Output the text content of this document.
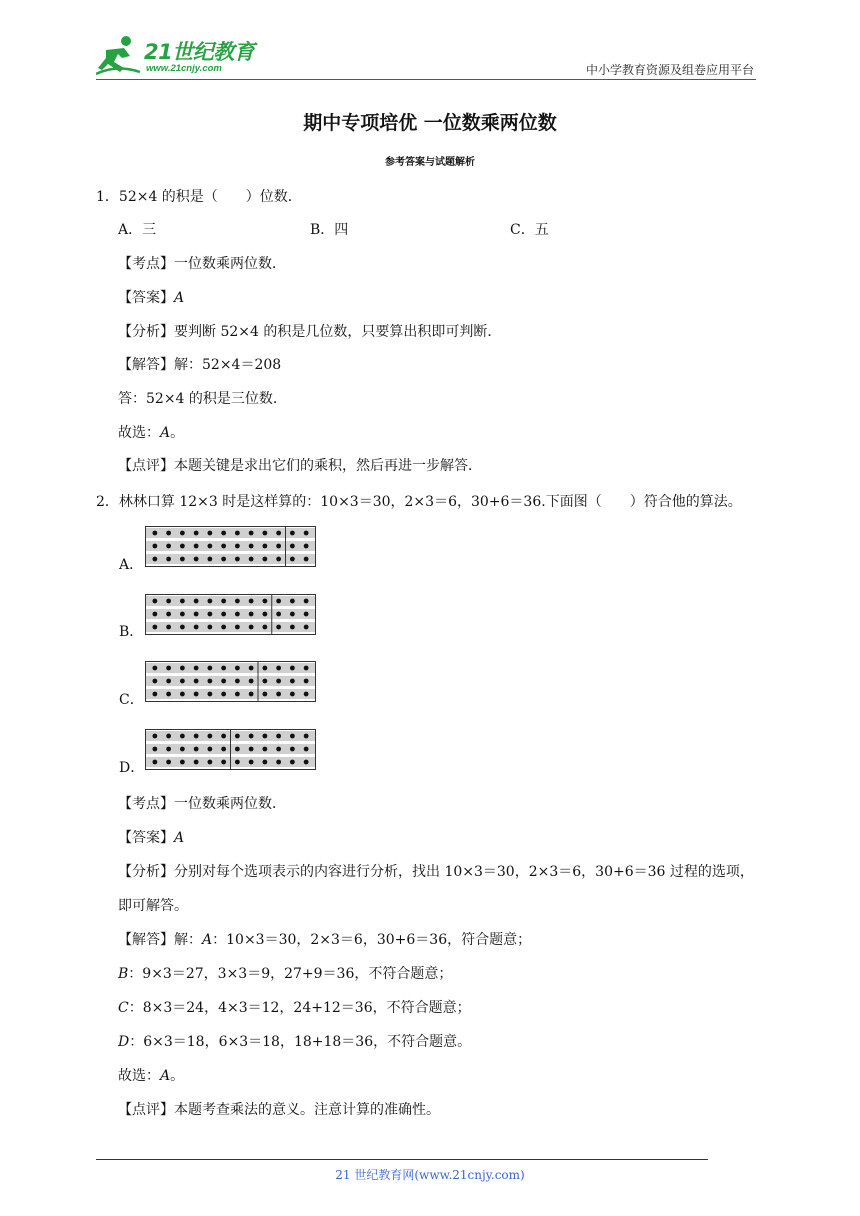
21世纪教育
www.21cnjy.com	中小学教育资源及组卷应用平台
期中专项培优 一位数乘两位数
参考答案与试题解析
1．52×4 的积是（　　）位数．
A．三	B．四	C．五
【考点】一位数乘两位数．
【答案】A
【分析】要判断 52×4 的积是几位数，只要算出积即可判断．
【解答】解：52×4＝208
答：52×4 的积是三位数．
故选：A。
【点评】本题关键是求出它们的乘积，然后再进一步解答．
2．林林口算 12×3 时是这样算的：10×3＝30，2×3＝6，30+6＝36.下面图（　　）符合他的算法。
A．
B．
C．
D．
【考点】一位数乘两位数．
【答案】A
【分析】分别对每个选项表示的内容进行分析，找出 10×3＝30，2×3＝6，30+6＝36 过程的选项，
即可解答。
【解答】解：A：10×3＝30，2×3＝6，30+6＝36，符合题意；
B：9×3＝27，3×3＝9，27+9＝36，不符合题意；
C：8×3＝24，4×3＝12，24+12＝36，不符合题意；
D：6×3＝18，6×3＝18，18+18＝36，不符合题意。
故选：A。
【点评】本题考查乘法的意义。注意计算的准确性。
21 世纪教育网(www.21cnjy.com)
